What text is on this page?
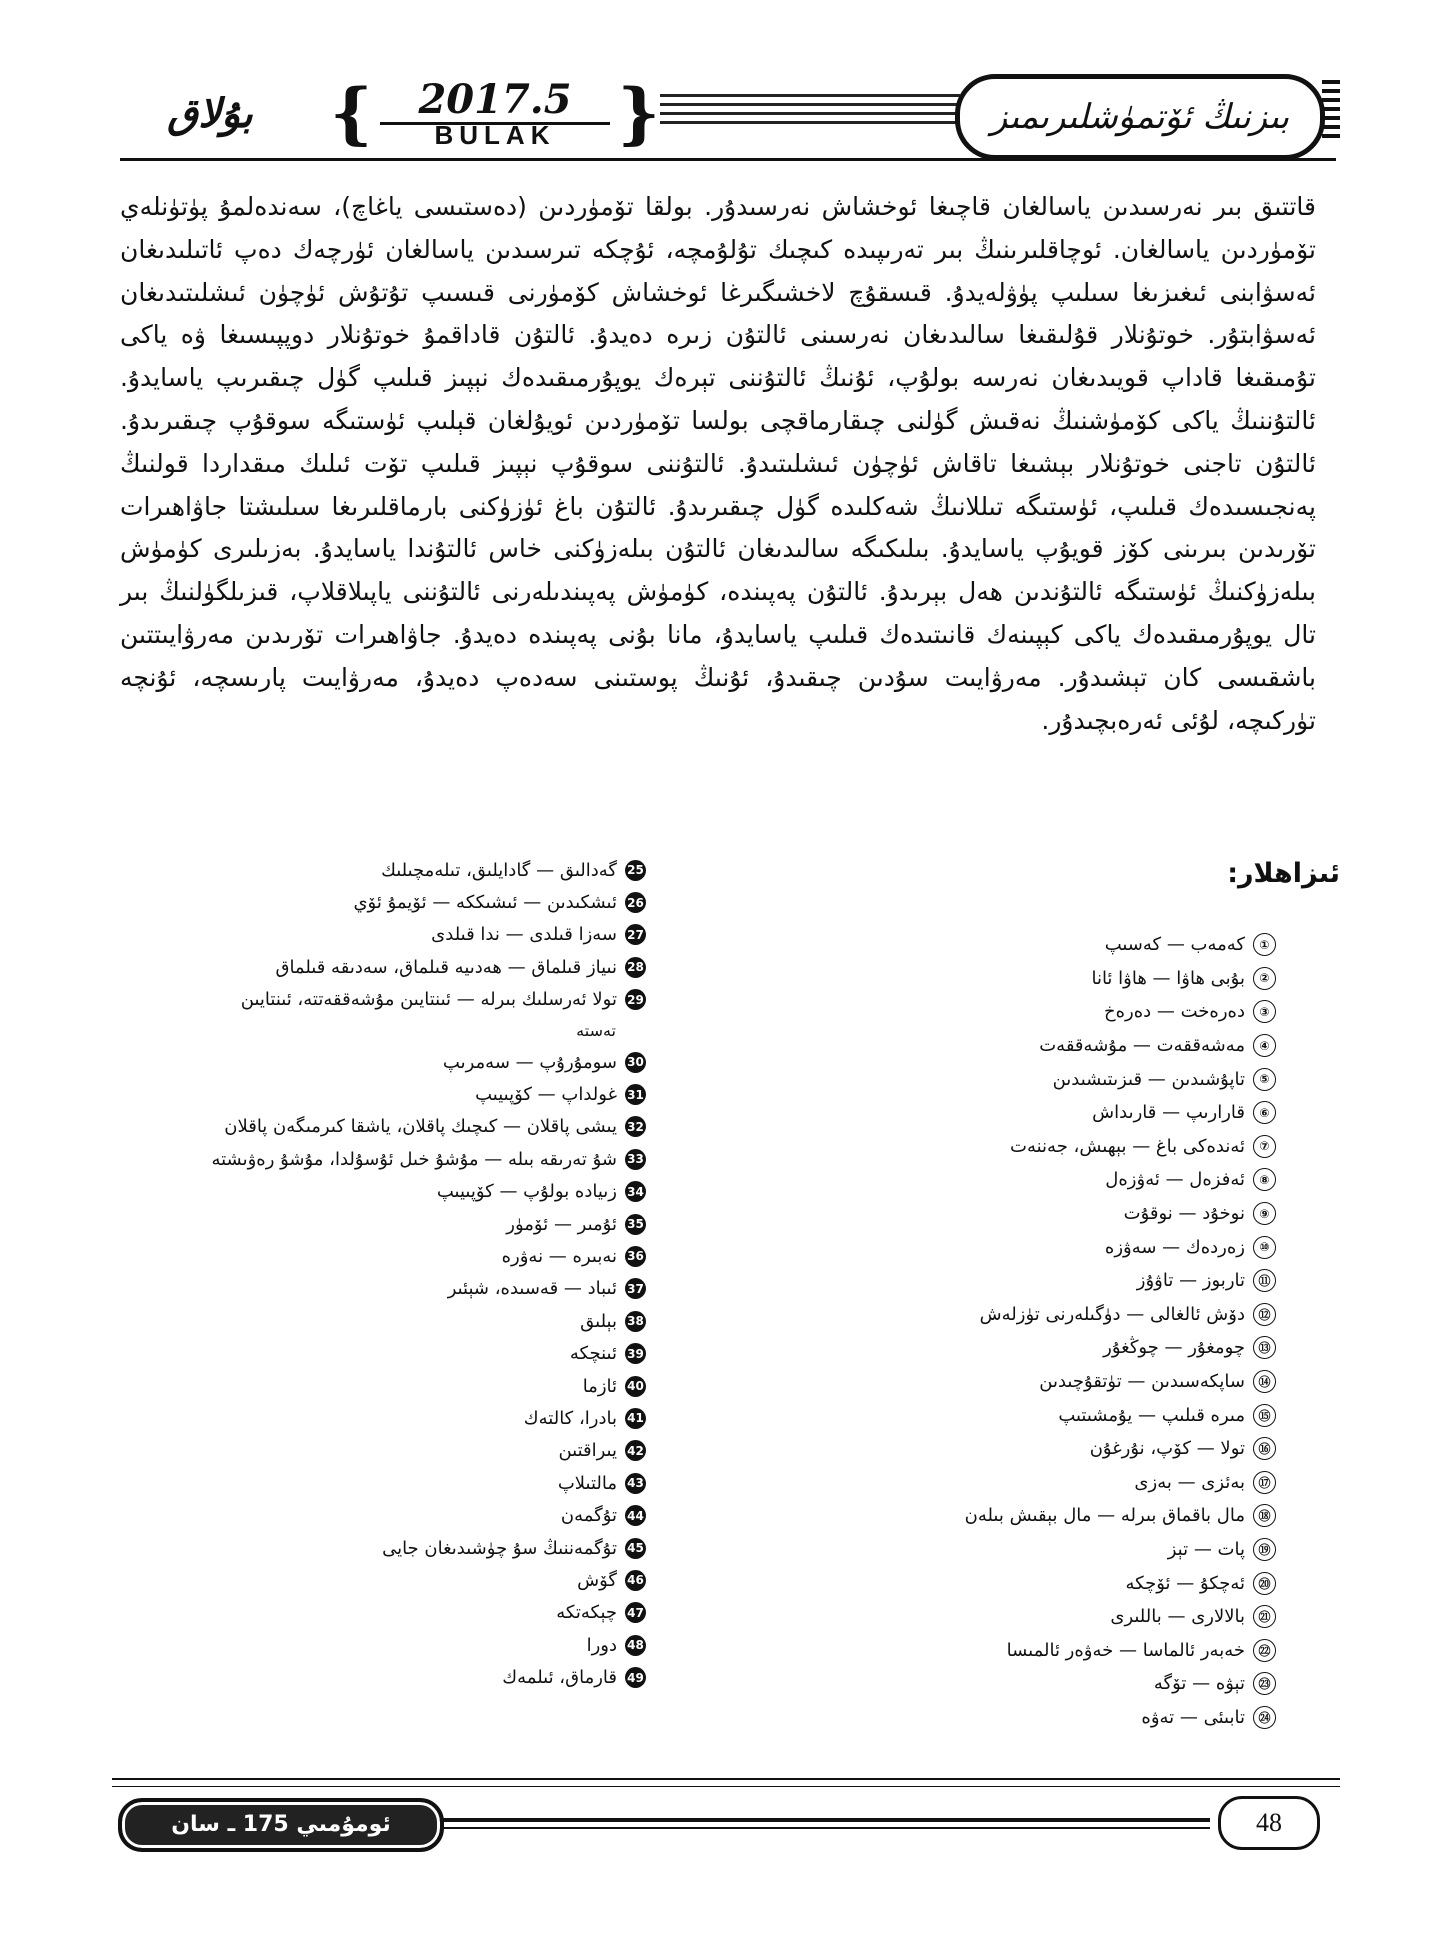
بۇلاق	{	2017.5
BULAK }	بىزنىڭ ئۆتمۈشلىرىمىز
قاتتىق بىر نەرسىدىن ياسالغان قاچىغا ئوخشاش نەرسىدۇر. بولقا تۆمۈردىن (دەستىسى ياغاچ)، سەندەلمۇ پۈتۈنلەي تۆمۈردىن ياسالغان. ئوچاقلىرىنىڭ بىر تەرىپىدە كىچىك تۇلۇمچە، ئۇچكە تىرسىدىن ياسالغان ئۈرچەك دەپ ئاتىلىدىغان ئەسۋابنى ئىغىزىغا سىلىپ پۈۋلەيدۇ. قىسقۇچ لاخشىگىرغا ئوخشاش كۆمۈرنى قىسىپ تۇتۇش ئۈچۈن ئىشلىتىدىغان ئەسۋابتۇر. خوتۇنلار قۇلىقىغا سالىدىغان نەرسىنى ئالتۇن زىرە دەيدۇ. ئالتۇن قاداقمۇ خوتۇنلار دوپپىسىغا ۋە ياكى تۇمىقىغا قاداپ قويىدىغان نەرسە بولۇپ، ئۇنىڭ ئالتۇننى تېرەك يوپۇرمىقىدەك نېپىز قىلىپ گۈل چىقىرىپ ياسايدۇ. ئالتۇننىڭ ياكى كۆمۈشنىڭ نەقىش گۈلنى چىقارماقچى بولسا تۆمۈردىن ئويۇلغان قېلىپ ئۈستىگە سوقۇپ چىقىرىدۇ. ئالتۇن تاجنى خوتۇنلار بېشىغا تاقاش ئۈچۈن ئىشلىتىدۇ. ئالتۇننى سوقۇپ نېپىز قىلىپ تۆت ئىلىك مىقداردا قولنىڭ پەنجىسىدەك قىلىپ، ئۈستىگە تىللانىڭ شەكلىدە گۈل چىقىرىدۇ. ئالتۇن باغ ئۈزۈكنى بارماقلىرىغا سىلىشتا جاۋاھىرات تۆرىدىن بىرىنى كۆز قويۇپ ياسايدۇ. بىلىكىگە سالىدىغان ئالتۇن بىلەزۈكنى خاس ئالتۇندا ياسايدۇ. بەزىلىرى كۈمۈش بىلەزۈكنىڭ ئۈستىگە ئالتۇندىن ھەل بېرىدۇ. ئالتۇن پەپىندە، كۈمۈش پەپىندىلەرنى ئالتۇننى ياپىلاقلاپ، قىزىلگۈلنىڭ بىر تال يوپۇرمىقىدەك ياكى كېپىنەك قانىتىدەك قىلىپ ياسايدۇ، مانا بۇنى پەپىندە دەيدۇ. جاۋاھىرات تۆرىدىن مەرۋايىتتىن باشقىسى كان تېشىدۇر. مەرۋايىت سۇدىن چىقىدۇ، ئۇنىڭ پوستىنى سەدەپ دەيدۇ، مەرۋايىت پارىسچە، ئۇنچە تۈركىچە، لۇئى ئەرەبچىدۇر.
ئىزاھلار:
①
كەمەب — كەسىپ
②
بۇبى ھاۋا — ھاۋا ئانا
③
دەرەخت — دەرەخ
④
مەشەققەت — مۇشەققەت
⑤
تاپۇشىدىن — قىزىتىشىدىن
⑥
قارارىپ — قارىداش
⑦
ئەندەكى باغ — بېھىش، جەننەت
⑧
ئەفزەل — ئەۋزەل
⑨
نوخۇد — نوقۇت
⑩
زەردەك — سەۋزە
⑪
تاربوز — تاۋۇز
⑫
دۆش ئالغالى — دۈگىلەرنى تۈزلەش
⑬
چومغۇر — چوڭغۇر
⑭
ساپكەسىدىن — تۈتقۇچىدىن
⑮
مىرە قىلىپ — يۇمشىتىپ
⑯
تولا — كۆپ، نۇرغۇن
⑰
بەئزى — بەزى
⑱
مال باقماق بىرلە — مال بېقىش بىلەن
⑲
پات — تېز
⑳
ئەچكۇ — ئۆچكە
㉑
بالالارى — باللىرى
㉒
خەبەر ئالماسا — خەۋەر ئالمىسا
㉓
تېۋە — تۆگە
㉔
تابىئى — تەۋە
25
گەدالىق — گادايلىق، تىلەمچىلىك
26
ئىشكىدىن — ئىشىككە — ئۆيمۇ ئۆي
27
سەزا قىلدى — ندا قىلدى
28
نىياز قىلماق — ھەدىيە قىلماق، سەدىقە قىلماق
29
تولا ئەرسلىك بىرلە — ئىنتايىن مۇشەققەتتە، ئىنتايىن
تەستە
30
سومۇرۇپ — سەمرىپ
31
غولداپ — كۆپىيىپ
32
يىشى پاقلان — كىچىك پاقلان، ياشقا كىرمىگەن پاقلان
33
شۇ تەرىقە بىلە — مۇشۇ خىل ئۇسۇلدا، مۇشۇ رەۋىشتە
34
زىيادە بولۇپ — كۆپىيىپ
35
ئۇمىر — ئۆمۈر
36
نەبىرە — نەۋرە
37
ئىباد — قەسىدە، شېئىر
38
بېلىق
39
ئىنچكە
40
ئازما
41
بادرا، كالتەك
42
يىراقتىن
43
مالتىلاپ
44
تۇگمەن
45
تۇگمەننىڭ سۇ چۈشىدىغان جايى
46
گۆش
47
چېكەتكە
48
دورا
49
قارماق، ئىلمەك
ئومۇمىي 175 ـ سان	48
